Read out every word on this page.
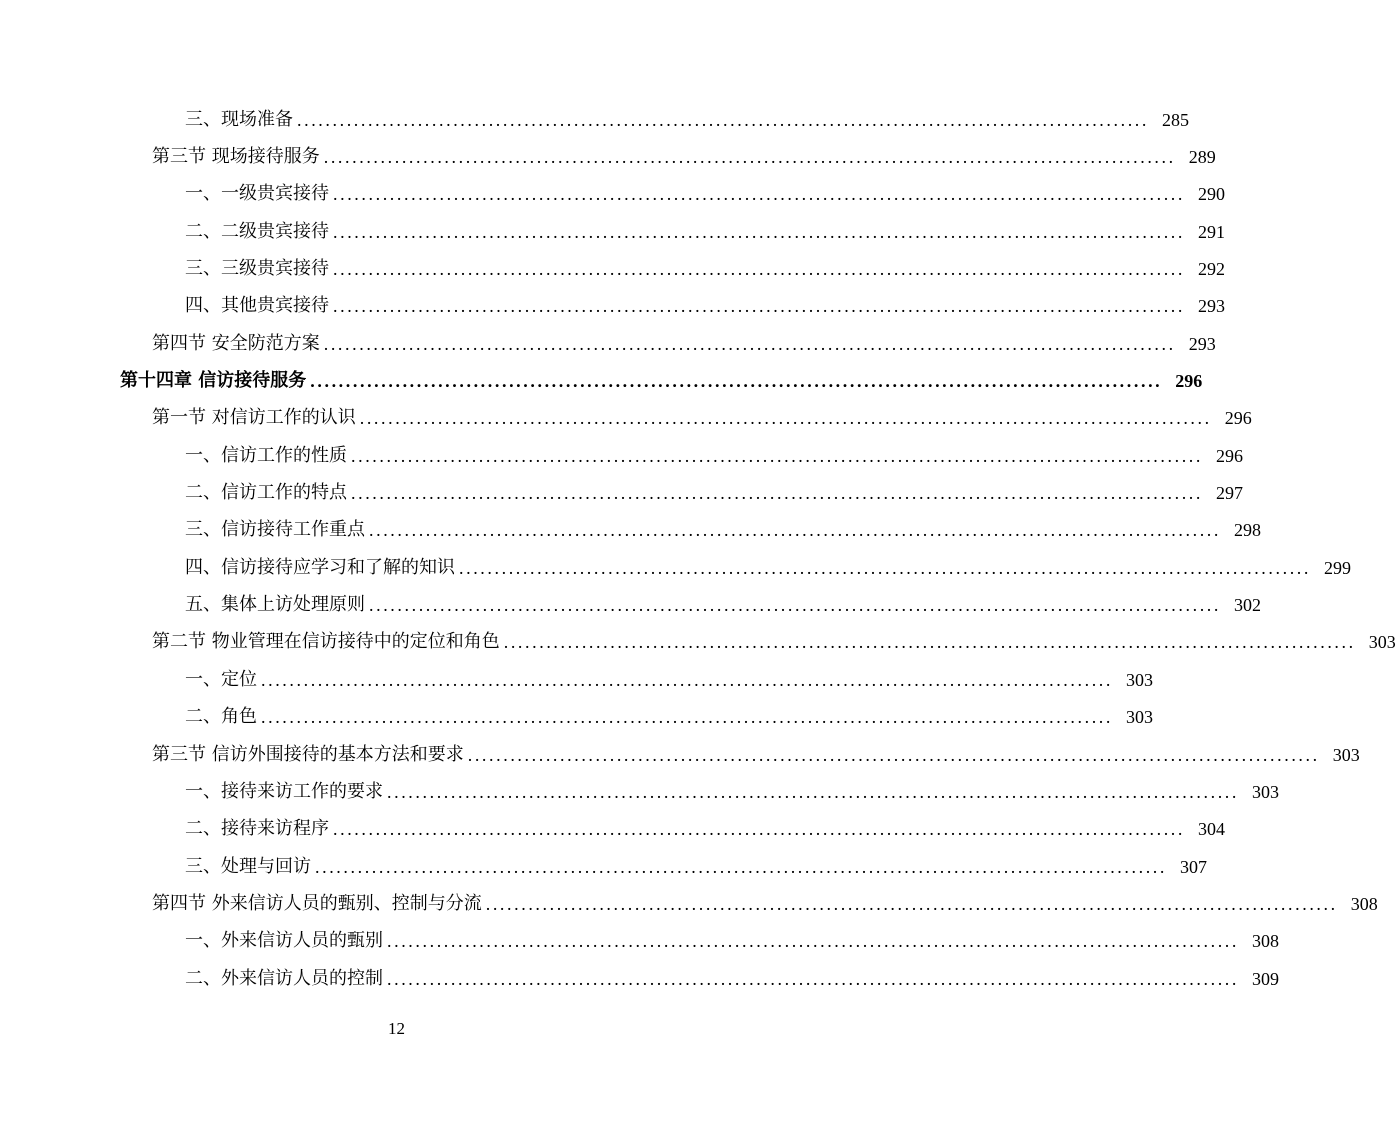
三、现场准备 ........................................................................................................................ 285
第三节 现场接待服务 ........................................................................................................................ 289
一、一级贵宾接待 ........................................................................................................................ 290
二、二级贵宾接待 ........................................................................................................................ 291
三、三级贵宾接待 ........................................................................................................................ 292
四、其他贵宾接待 ........................................................................................................................ 293
第四节 安全防范方案 ........................................................................................................................ 293
第十四章 信访接待服务 ........................................................................................................................ 296
第一节 对信访工作的认识 ........................................................................................................................ 296
一、信访工作的性质 ........................................................................................................................ 296
二、信访工作的特点 ........................................................................................................................ 297
三、信访接待工作重点 ........................................................................................................................ 298
四、信访接待应学习和了解的知识 ........................................................................................................................ 299
五、集体上访处理原则 ........................................................................................................................ 302
第二节 物业管理在信访接待中的定位和角色 ........................................................................................................................ 303
一、定位 ........................................................................................................................ 303
二、角色 ........................................................................................................................ 303
第三节 信访外围接待的基本方法和要求 ........................................................................................................................ 303
一、接待来访工作的要求 ........................................................................................................................ 303
二、接待来访程序 ........................................................................................................................ 304
三、处理与回访 ........................................................................................................................ 307
第四节 外来信访人员的甄别、控制与分流 ........................................................................................................................ 308
一、外来信访人员的甄别 ........................................................................................................................ 308
二、外来信访人员的控制 ........................................................................................................................ 309
12
